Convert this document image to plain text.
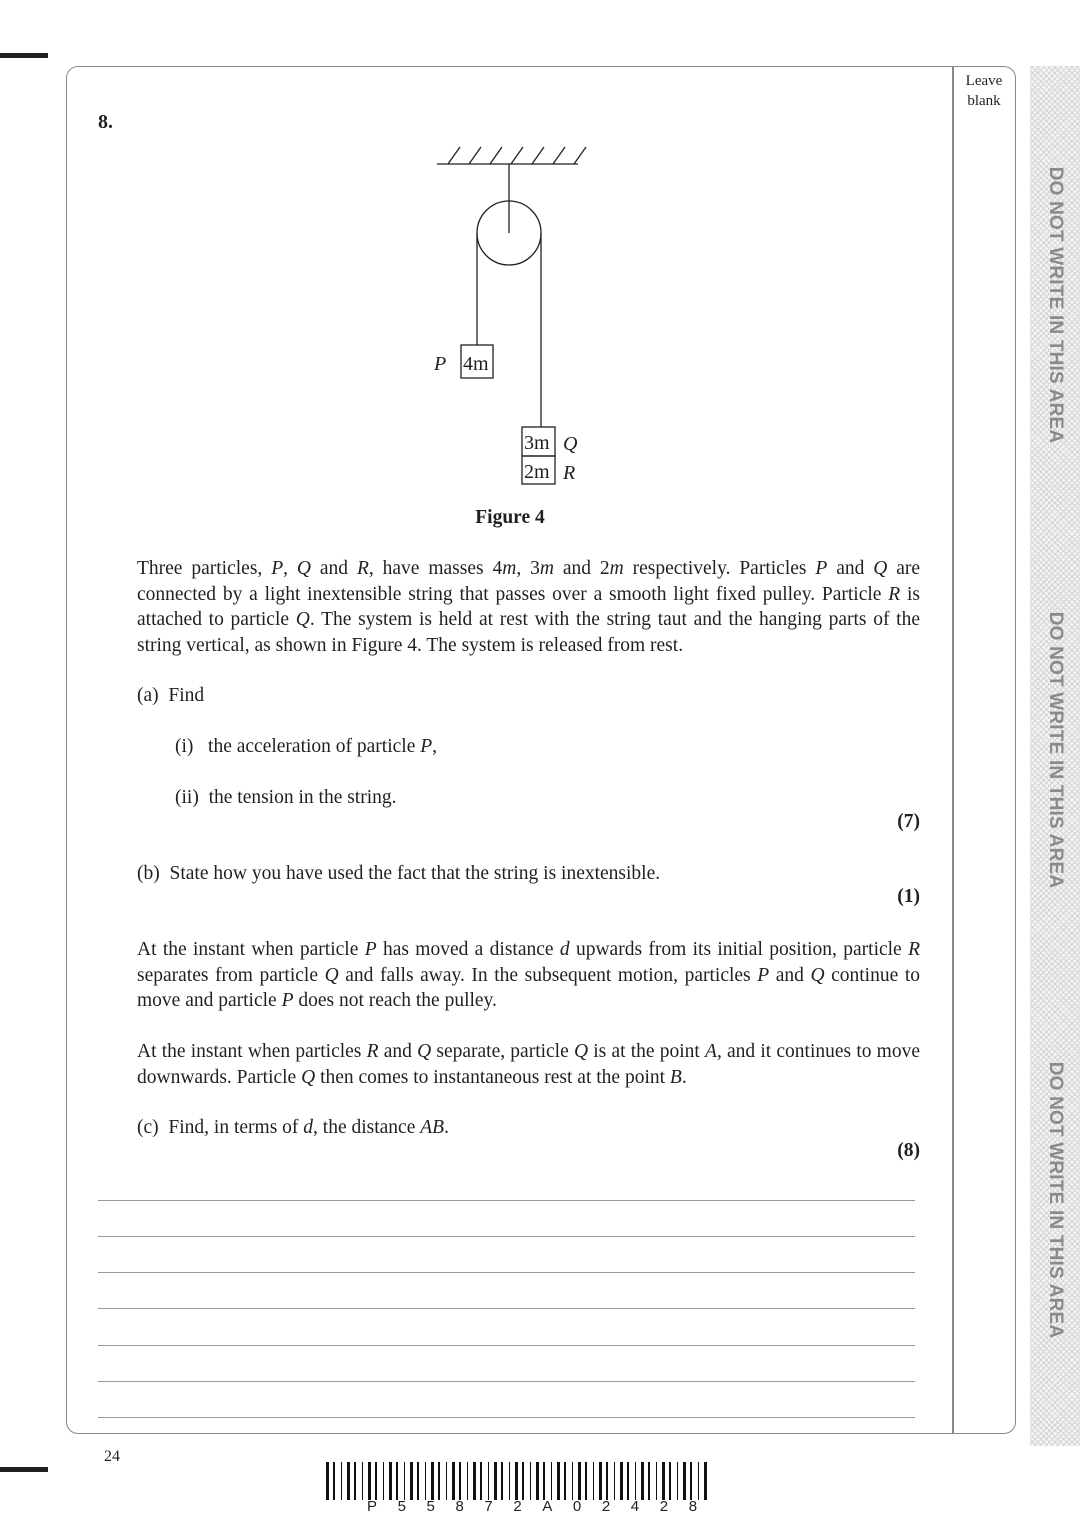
Leave
blank
DO NOT WRITE IN THIS AREA
DO NOT WRITE IN THIS AREA
DO NOT WRITE IN THIS AREA
8.
P 4m
3m Q
2m R
Figure 4
Three particles, P, Q and R, have masses 4m, 3m and 2m respectively. Particles P and Q are connected by a light inextensible string that passes over a smooth light fixed pulley. Particle R is attached to particle Q. The system is held at rest with the string taut and the hanging parts of the string vertical, as shown in Figure 4. The system is released from rest.
(a) Find
(i) the acceleration of particle P,
(ii) the tension in the string.
(7)
(b) State how you have used the fact that the string is inextensible.
(1)
At the instant when particle P has moved a distance d upwards from its initial position, particle R separates from particle Q and falls away. In the subsequent motion, particles P and Q continue to move and particle P does not reach the pulley.
At the instant when particles R and Q separate, particle Q is at the point A, and it continues to move downwards. Particle Q then comes to instantaneous rest at the point B.
(c) Find, in terms of d, the distance AB.
(8)
24
P55872A02428
